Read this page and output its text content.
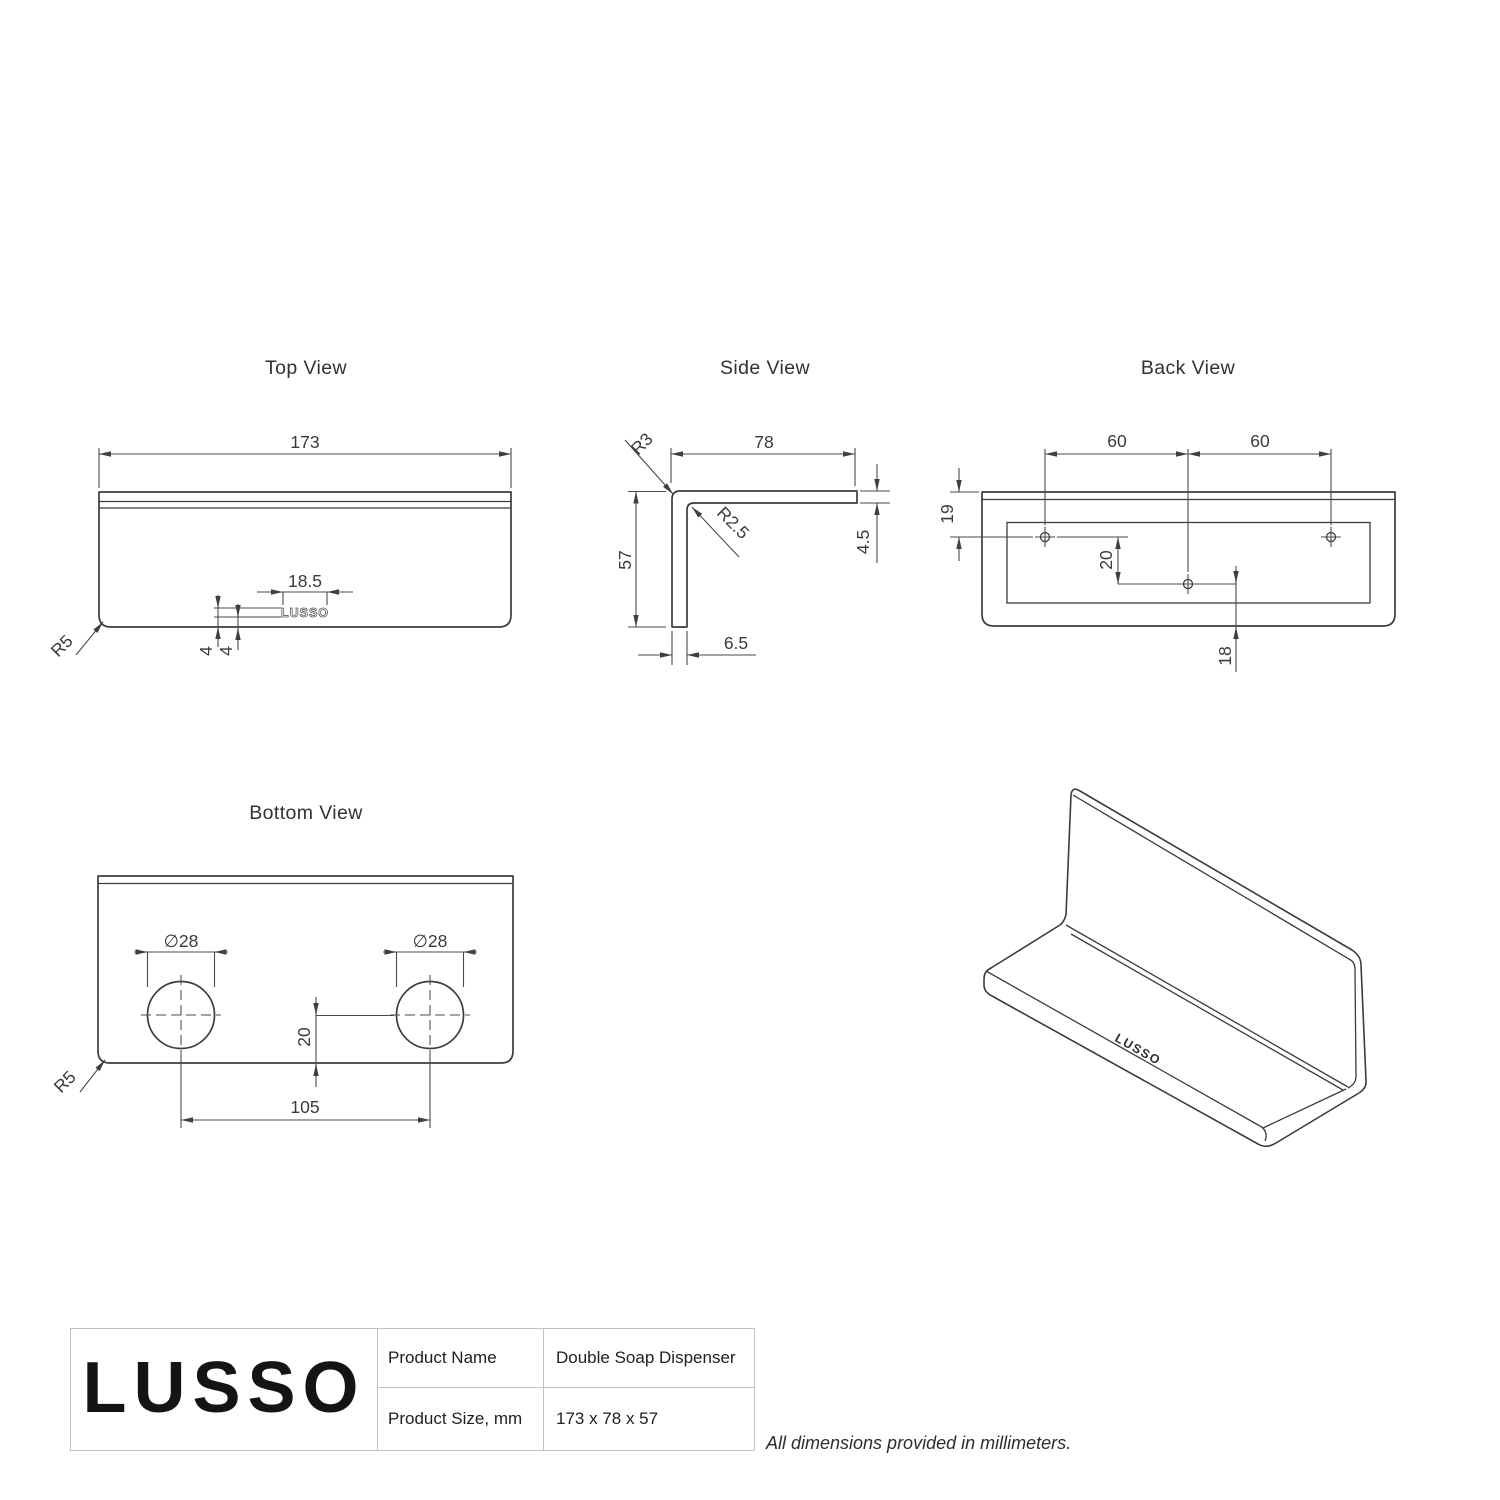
Top View
173
18.5
LUSSO
4 4
R5
Side View
78
R3
R2.5
57
4.5
6.5
Back View
60	60
19
20
18
Bottom View
∅28	∅28
20
105
R5
LUSSO
LUSSO	Product Name	Double Soap Dispenser
Product Size, mm	173 x 78 x 57
All dimensions provided in millimeters.
